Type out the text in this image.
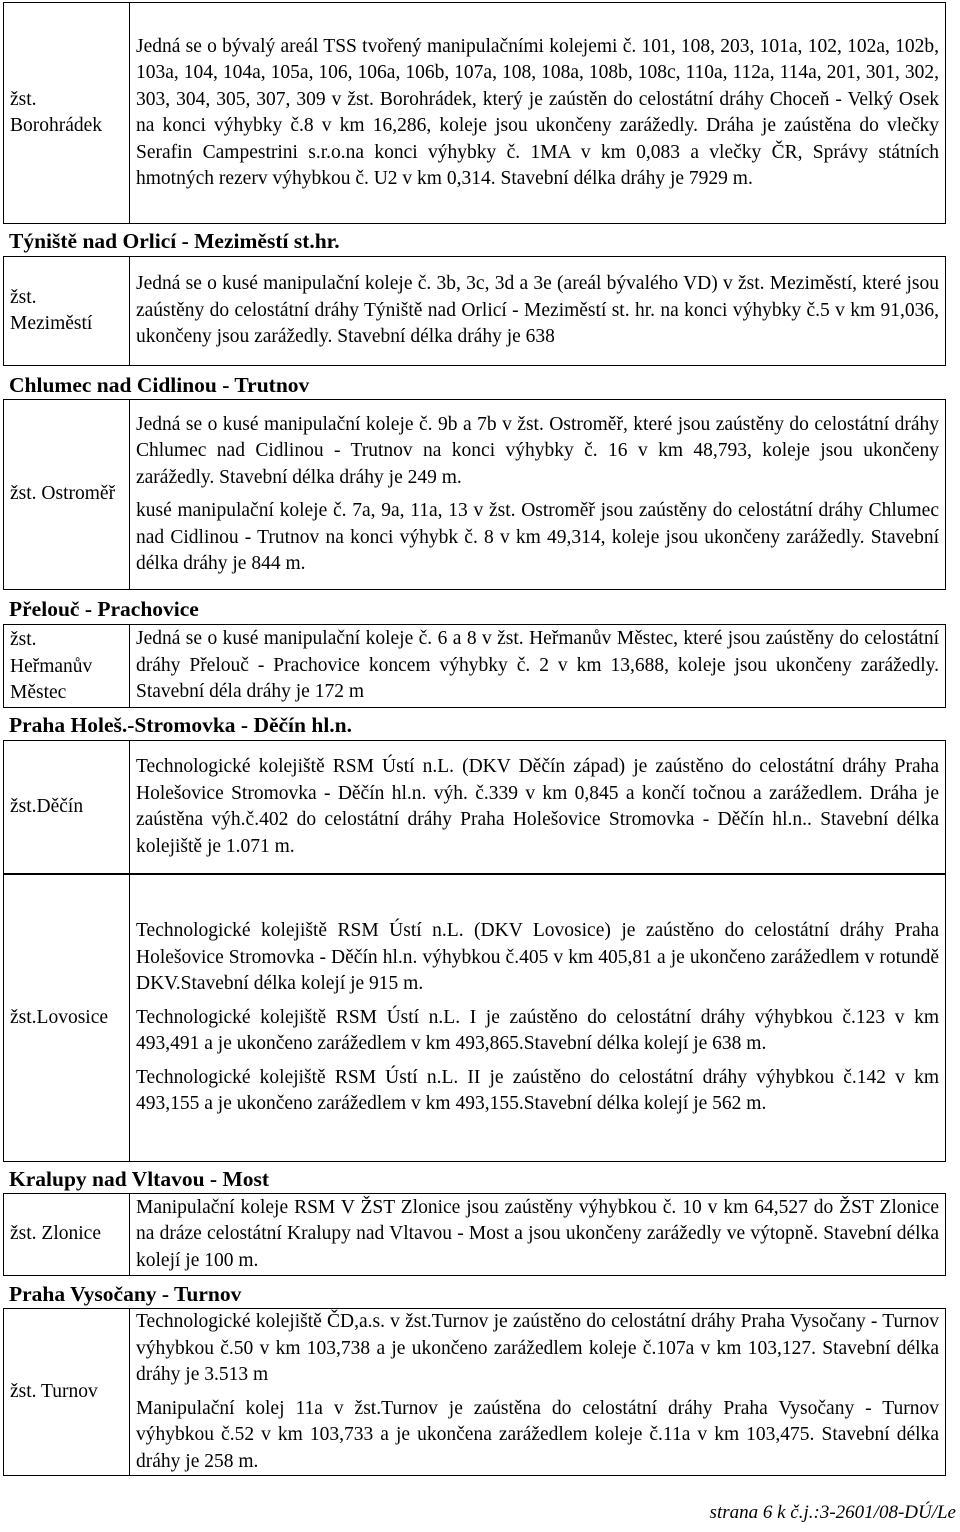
žst. Borohrádek	
Jedná se o bývalý areál TSS tvořený manipulačními kolejemi č. 101, 108, 203, 101a, 102, 102a, 102b, 103a, 104, 104a, 105a, 106, 106a, 106b, 107a, 108, 108a, 108b, 108c, 110a, 112a, 114a, 201, 301, 302, 303, 304, 305, 307, 309 v žst. Borohrádek, který je zaústěn do celostátní dráhy Choceň - Velký Osek na konci výhybky č.8 v km 16,286, koleje jsou ukončeny zarážedly. Dráha je zaústěna do vlečky Serafin Campestrini s.r.o.na konci výhybky č. 1MA v km 0,083 a vlečky ČR, Správy státních hmotných rezerv výhybkou č. U2 v km 0,314. Stavební délka dráhy je 7929 m.
Týniště nad Orlicí - Meziměstí st.hr.
žst. Meziměstí	
Jedná se o kusé manipulační koleje č. 3b, 3c, 3d a 3e (areál bývalého VD) v žst. Meziměstí, které jsou zaústěny do celostátní dráhy Týniště nad Orlicí - Meziměstí st. hr. na konci výhybky č.5 v km 91,036, ukončeny jsou zarážedly. Stavební délka dráhy je 638
Chlumec nad Cidlinou - Trutnov
žst. Ostroměř	
Jedná se o kusé manipulační koleje č. 9b a 7b v žst. Ostroměř, které jsou zaústěny do celostátní dráhy Chlumec nad Cidlinou - Trutnov na konci výhybky č. 16 v km 48,793, koleje jsou ukončeny zarážedly. Stavební délka dráhy je 249 m.
kusé manipulační koleje č. 7a, 9a, 11a, 13 v žst. Ostroměř jsou zaústěny do celostátní dráhy Chlumec nad Cidlinou - Trutnov na konci výhybk č. 8 v km 49,314, koleje jsou ukončeny zarážedly. Stavební délka dráhy je 844 m.
Přelouč - Prachovice
žst. Heřmanův Městec	
Jedná se o kusé manipulační koleje č. 6 a 8 v žst. Heřmanův Městec, které jsou zaústěny do celostátní dráhy Přelouč - Prachovice koncem výhybky č. 2 v km 13,688, koleje jsou ukončeny zarážedly. Stavební déla dráhy je 172 m
Praha Holeš.-Stromovka - Děčín hl.n.
žst.Děčín	
Technologické kolejiště RSM Ústí n.L. (DKV Děčín západ) je zaústěno do celostátní dráhy Praha Holešovice Stromovka - Děčín hl.n. výh. č.339 v km 0,845 a končí točnou a zarážedlem. Dráha je zaústěna výh.č.402 do celostátní dráhy Praha Holešovice Stromovka - Děčín hl.n.. Stavební délka kolejiště je 1.071 m.
žst.Lovosice	
Technologické kolejiště RSM Ústí n.L. (DKV Lovosice) je zaústěno do celostátní dráhy Praha Holešovice Stromovka - Děčín hl.n. výhybkou č.405 v km 405,81 a je ukončeno zarážedlem v rotundě DKV.Stavební délka kolejí je 915 m.
Technologické kolejiště RSM Ústí n.L. I je zaústěno do celostátní dráhy výhybkou č.123 v km 493,491 a je ukončeno zarážedlem v km 493,865.Stavební délka kolejí je 638 m.
Technologické kolejiště RSM Ústí n.L. II je zaústěno do celostátní dráhy výhybkou č.142 v km 493,155 a je ukončeno zarážedlem v km 493,155.Stavební délka kolejí je 562 m.
Kralupy nad Vltavou - Most
žst. Zlonice	
Manipulační koleje RSM V ŽST Zlonice jsou zaústěny výhybkou č. 10 v km 64,527 do ŽST Zlonice na dráze celostátní Kralupy nad Vltavou - Most a jsou ukončeny zarážedly ve výtopně. Stavební délka kolejí je 100 m.
Praha Vysočany - Turnov
žst. Turnov	
Technologické kolejiště ČD,a.s. v žst.Turnov je zaústěno do celostátní dráhy Praha Vysočany - Turnov výhybkou č.50 v km 103,738 a je ukončeno zarážedlem koleje č.107a v km 103,127. Stavební délka dráhy je 3.513 m
Manipulační kolej 11a v žst.Turnov je zaústěna do celostátní dráhy Praha Vysočany - Turnov výhybkou č.52 v km 103,733 a je ukončena zarážedlem koleje č.11a v km 103,475. Stavební délka dráhy je 258 m.
strana 6 k č.j.:3-2601/08-DÚ/Le
